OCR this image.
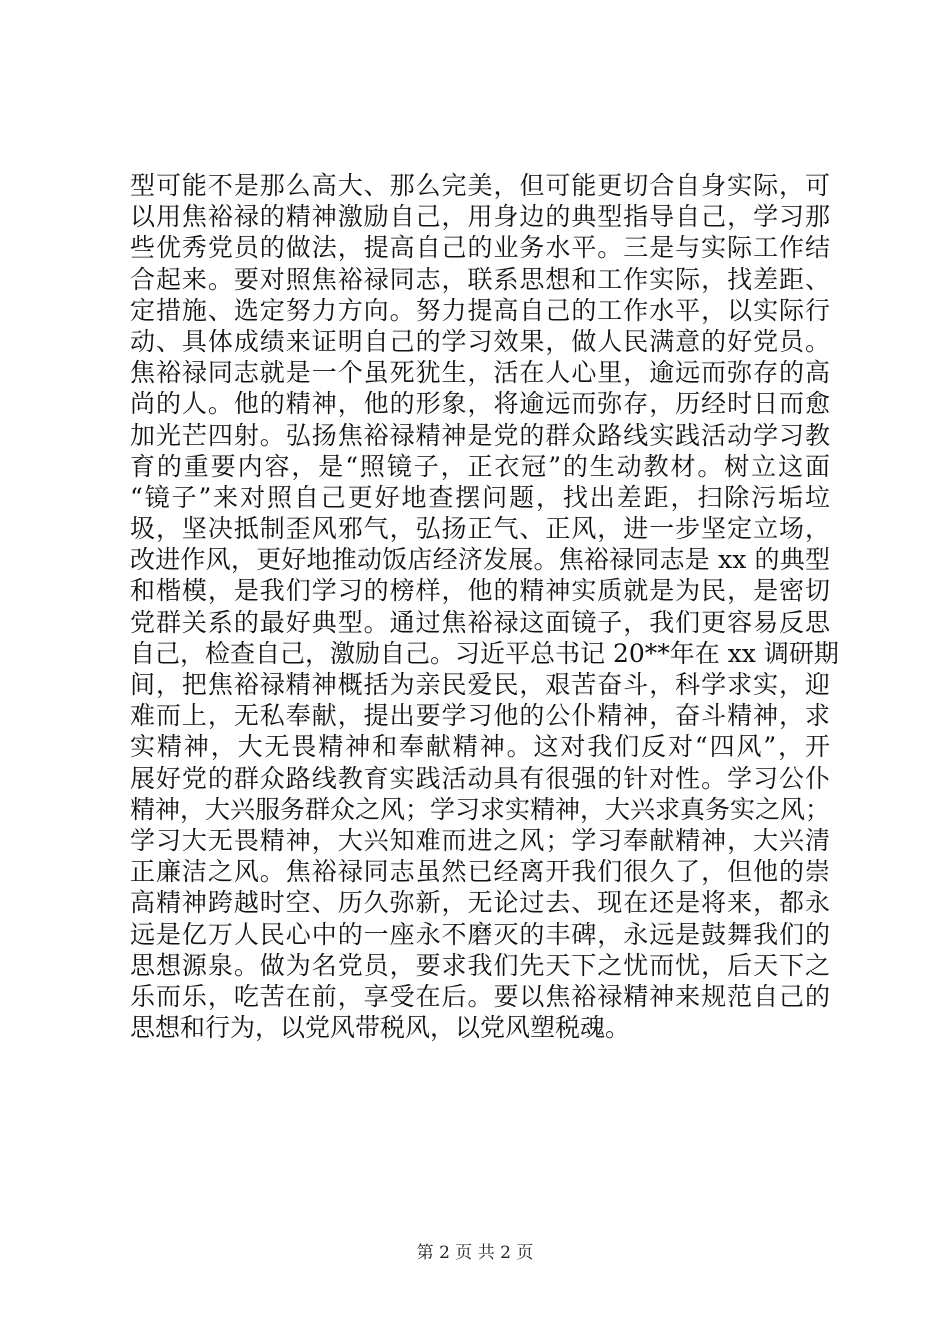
型可能不是那么高大、那么完美，但可能更切合自身实际，可
以用焦裕禄的精神激励自己，用身边的典型指导自己，学习那
些优秀党员的做法，提高自己的业务水平。三是与实际工作结
合起来。要对照焦裕禄同志，联系思想和工作实际，找差距、
定措施、选定努力方向。努力提高自己的工作水平，以实际行
动、具体成绩来证明自己的学习效果，做人民满意的好党员。
焦裕禄同志就是一个虽死犹生，活在人心里，逾远而弥存的高
尚的人。他的精神，他的形象，将逾远而弥存，历经时日而愈
加光芒四射。弘扬焦裕禄精神是党的群众路线实践活动学习教
育的重要内容，是“照镜子，正衣冠”的生动教材。树立这面
“镜子”来对照自己更好地查摆问题，找出差距，扫除污垢垃
圾，坚决抵制歪风邪气，弘扬正气、正风，进一步坚定立场，
改进作风，更好地推动饭店经济发展。焦裕禄同志是 xx 的典型
和楷模，是我们学习的榜样，他的精神实质就是为民，是密切
党群关系的最好典型。通过焦裕禄这面镜子，我们更容易反思
自己，检查自己，激励自己。习近平总书记 20**年在 xx 调研期
间，把焦裕禄精神概括为亲民爱民，艰苦奋斗，科学求实，迎
难而上，无私奉献，提出要学习他的公仆精神，奋斗精神，求
实精神，大无畏精神和奉献精神。这对我们反对“四风”，开
展好党的群众路线教育实践活动具有很强的针对性。学习公仆
精神，大兴服务群众之风；学习求实精神，大兴求真务实之风；
学习大无畏精神，大兴知难而进之风；学习奉献精神，大兴清
正廉洁之风。焦裕禄同志虽然已经离开我们很久了，但他的崇
高精神跨越时空、历久弥新，无论过去、现在还是将来，都永
远是亿万人民心中的一座永不磨灭的丰碑，永远是鼓舞我们的
思想源泉。做为名党员，要求我们先天下之忧而忧，后天下之
乐而乐，吃苦在前，享受在后。要以焦裕禄精神来规范自己的
思想和行为，以党风带税风，以党风塑税魂。
第 2 页 共 2 页
